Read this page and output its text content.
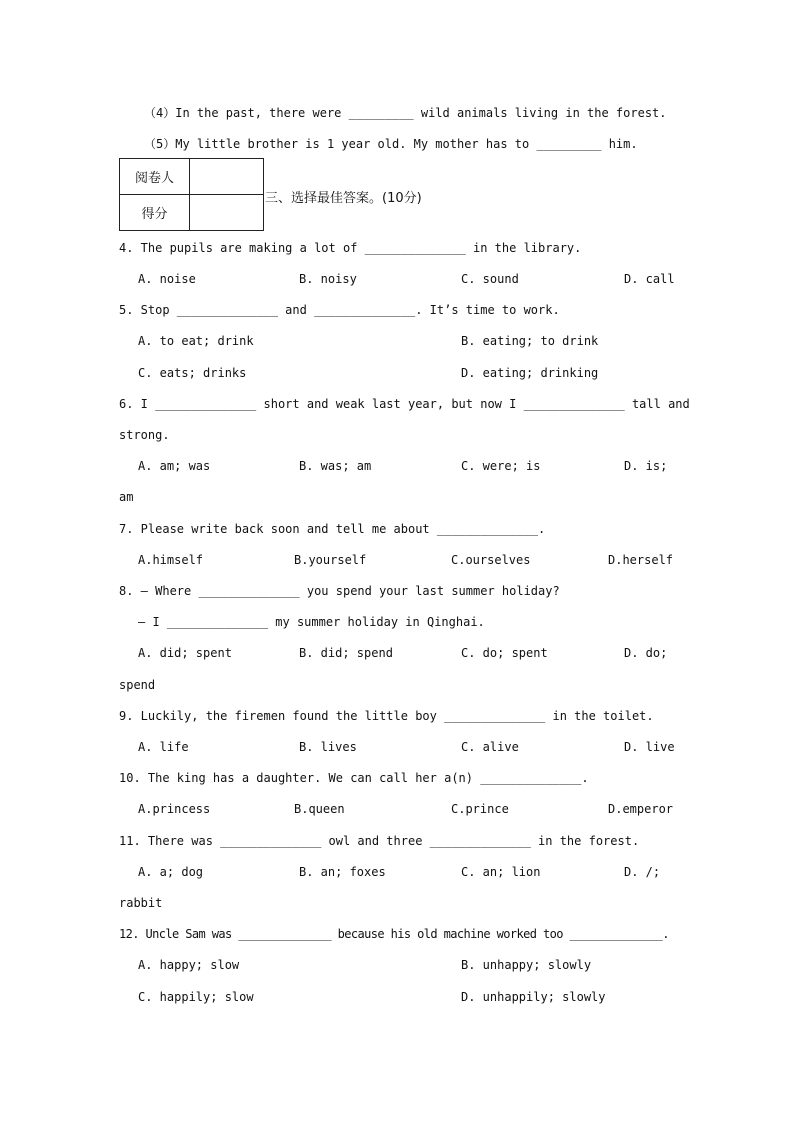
（4）In the past, there were _________ wild animals living in the forest.
（5）My little brother is 1 year old. My mother has to _________ him.
阅卷人	
得分	
三、选择最佳答案。(10分)
4. The pupils are making a lot of ______________ in the library.
A. noise	B. noisy	C. sound	D. call
5. Stop ______________ and ______________. It’s time to work.
A. to eat; drink	B. eating; to drink
C. eats; drinks	D. eating; drinking
6. I ______________ short and weak last year, but now I ______________ tall and
strong.
A. am; was	B. was; am	C. were; is	D. is;
am
7. Please write back soon and tell me about ______________.
A.himself	B.yourself	C.ourselves	D.herself
8. — Where ______________ you spend your last summer holiday?
— I ______________ my summer holiday in Qinghai.
A. did; spent	B. did; spend	C. do; spent	D. do;
spend
9. Luckily, the firemen found the little boy ______________ in the toilet.
A. life	B. lives	C. alive	D. live
10. The king has a daughter. We can call her a(n) ______________.
A.princess	B.queen	C.prince	D.emperor
11. There was ______________ owl and three ______________ in the forest.
A. a; dog	B. an; foxes	C. an; lion	D. /;
rabbit
12. Uncle Sam was ______________ because his old machine worked too ______________.
A. happy; slow	B. unhappy; slowly
C. happily; slow	D. unhappily; slowly
